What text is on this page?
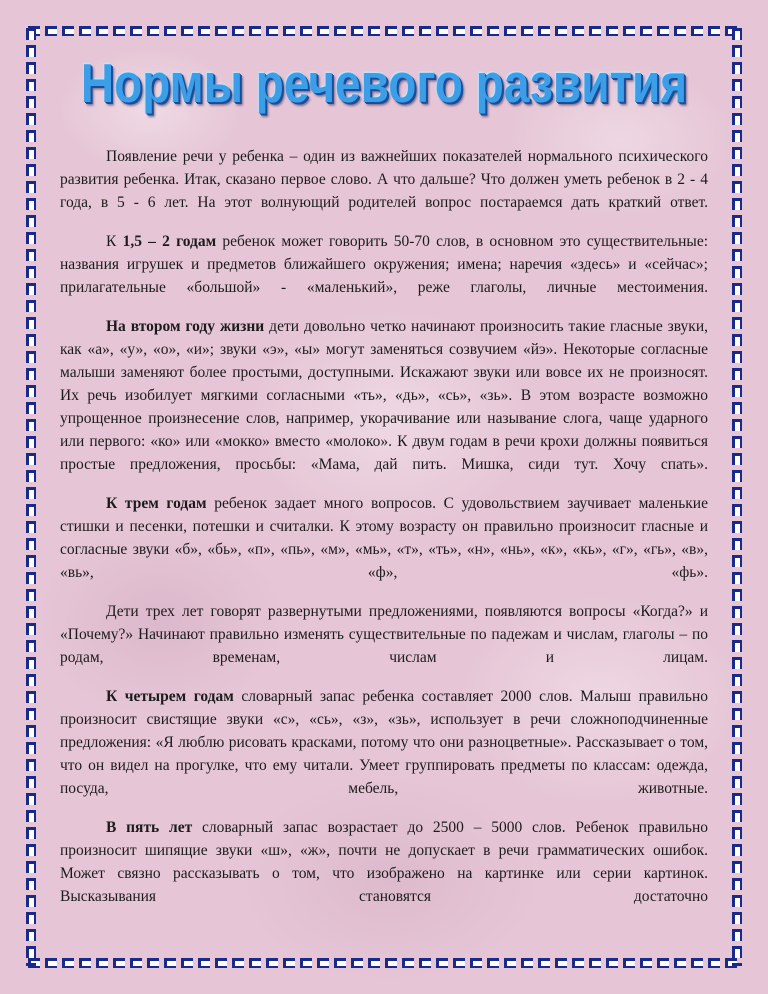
Нормы речевого развития

Появление речи у ребенка – один из важнейших показателей нормального психического развития ребенка. Итак, сказано первое слово. А что дальше? Что должен уметь ребенок в 2 - 4 года, в 5 - 6 лет. На этот волнующий родителей вопрос постараемся дать краткий ответ.

К 1,5 – 2 годам ребенок может говорить 50-70 слов, в основном это существительные: названия игрушек и предметов ближайшего окружения; имена; наречия «здесь» и «сейчас»; прилагательные «большой» - «маленький», реже глаголы, личные местоимения.

На втором году жизни дети довольно четко начинают произносить такие гласные звуки, как «а», «у», «о», «и»; звуки «э», «ы» могут заменяться созвучием «йэ». Некоторые согласные малыши заменяют более простыми, доступными. Искажают звуки или вовсе их не произносят. Их речь изобилует мягкими согласными «ть», «дь», «сь», «зь». В этом возрасте возможно упрощенное произнесение слов, например, укорачивание или называние слога, чаще ударного или первого: «ко» или «мокко» вместо «молоко». К двум годам в речи крохи должны появиться простые предложения, просьбы: «Мама, дай пить. Мишка, сиди тут. Хочу спать».

К трем годам ребенок задает много вопросов. С удовольствием заучивает маленькие стишки и песенки, потешки и считалки. К этому возрасту он правильно произносит гласные и согласные звуки «б», «бь», «п», «пь», «м», «мь», «т», «ть», «н», «нь», «к», «кь», «г», «гь», «в», «вь», «ф», «фь».

Дети трех лет говорят развернутыми предложениями, появляются вопросы «Когда?» и «Почему?» Начинают правильно изменять существительные по падежам и числам, глаголы – по родам, временам, числам и лицам.

К четырем годам словарный запас ребенка составляет 2000 слов. Малыш правильно произносит свистящие звуки «с», «сь», «з», «зь», использует в речи сложноподчиненные предложения: «Я люблю рисовать красками, потому что они разноцветные». Рассказывает о том, что он видел на прогулке, что ему читали. Умеет группировать предметы по классам: одежда, посуда, мебель, животные.

В пять лет словарный запас возрастает до 2500 – 5000 слов. Ребенок правильно произносит шипящие звуки «ш», «ж», почти не допускает в речи грамматических ошибок. Может связно рассказывать о том, что изображено на картинке или серии картинок. Высказывания становятся достаточно
